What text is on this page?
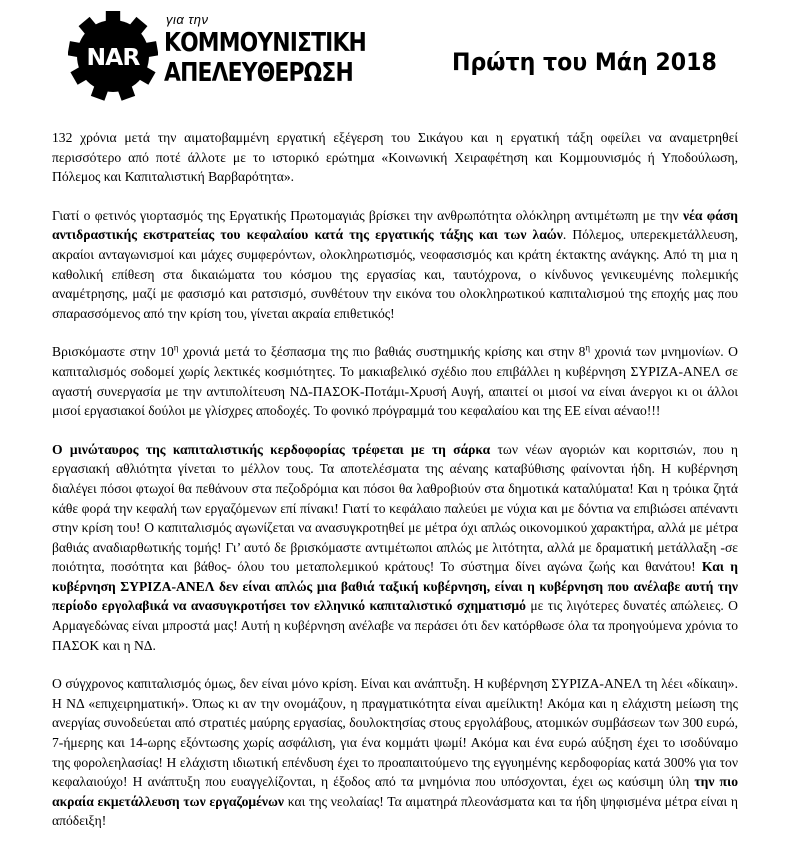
NAR
για την
ΚΟΜΜΟΥΝΙΣΤΙΚΗ
ΑΠΕΛΕΥΘΕΡΩΣΗ	Πρώτη του Μάη 2018

132 χρόνια μετά την αιματοβαμμένη εργατική εξέγερση του Σικάγου και η εργατική τάξη οφείλει να αναμετρηθεί περισσότερο από ποτέ άλλοτε με το ιστορικό ερώτημα «Κοινωνική Χειραφέτηση και Κομμουνισμός ή Υποδούλωση, Πόλεμος και Καπιταλιστική Βαρβαρότητα».

Γιατί ο φετινός γιορτασμός της Εργατικής Πρωτομαγιάς βρίσκει την ανθρωπότητα ολόκληρη αντιμέτωπη με την νέα φάση αντιδραστικής εκστρατείας του κεφαλαίου κατά της εργατικής τάξης και των λαών. Πόλεμος, υπερεκμετάλλευση, ακραίοι ανταγωνισμοί και μάχες συμφερόντων, ολοκληρωτισμός, νεοφασισμός και κράτη έκτακτης ανάγκης. Από τη μια η καθολική επίθεση στα δικαιώματα του κόσμου της εργασίας και, ταυτόχρονα, ο κίνδυνος γενικευμένης πολεμικής αναμέτρησης, μαζί με φασισμό και ρατσισμό, συνθέτουν την εικόνα του ολοκληρωτικού καπιταλισμού της εποχής μας που σπαρασσόμενος από την κρίση του, γίνεται ακραία επιθετικός!

Βρισκόμαστε στην $10^\eta$ χρονιά μετά το ξέσπασμα της πιο βαθιάς συστημικής κρίσης και στην $8^\eta$ χρονιά των μνημονίων. Ο καπιταλισμός σοδομεί χωρίς λεκτικές κοσμιότητες. Το μακιαβελικό σχέδιο που επιβάλλει η κυβέρνηση ΣΥΡΙΖΑ-ΑΝΕΛ σε αγαστή συνεργασία με την αντιπολίτευση ΝΔ-ΠΑΣΟΚ-Ποτάμι-Χρυσή Αυγή, απαιτεί οι μισοί να είναι άνεργοι κι οι άλλοι μισοί εργασιακοί δούλοι με γλίσχρες αποδοχές. Το φονικό πρόγραμμά του κεφαλαίου και της ΕΕ είναι αέναο!!!

Ο μινώταυρος της καπιταλιστικής κερδοφορίας τρέφεται με τη σάρκα των νέων αγοριών και κοριτσιών, που η εργασιακή αθλιότητα γίνεται το μέλλον τους. Τα αποτελέσματα της αέναης καταβύθισης φαίνονται ήδη. Η κυβέρνηση διαλέγει πόσοι φτωχοί θα πεθάνουν στα πεζοδρόμια και πόσοι θα λαθροβιούν στα δημοτικά καταλύματα! Και η τρόικα ζητά κάθε φορά την κεφαλή των εργαζόμενων επί πίνακι! Γιατί το κεφάλαιο παλεύει με νύχια και με δόντια να επιβιώσει απέναντι στην κρίση του! Ο καπιταλισμός αγωνίζεται να ανασυγκροτηθεί με μέτρα όχι απλώς οικονομικού χαρακτήρα, αλλά με μέτρα βαθιάς αναδιαρθωτικής τομής! Γι’ αυτό δε βρισκόμαστε αντιμέτωποι απλώς με λιτότητα, αλλά με δραματική μετάλλαξη -σε ποιότητα, ποσότητα και βάθος- όλου του μεταπολεμικού κράτους! Το σύστημα δίνει αγώνα ζωής και θανάτου! Και η κυβέρνηση ΣΥΡΙΖΑ-ΑΝΕΛ δεν είναι απλώς μια βαθιά ταξική κυβέρνηση, είναι η κυβέρνηση που ανέλαβε αυτή την περίοδο εργολαβικά να ανασυγκροτήσει τον ελληνικό καπιταλιστικό σχηματισμό με τις λιγότερες δυνατές απώλειες. Ο Αρμαγεδώνας είναι μπροστά μας! Αυτή η κυβέρνηση ανέλαβε να περάσει ότι δεν κατόρθωσε όλα τα προηγούμενα χρόνια το ΠΑΣΟΚ και η ΝΔ.

Ο σύγχρονος καπιταλισμός όμως, δεν είναι μόνο κρίση. Είναι και ανάπτυξη. Η κυβέρνηση ΣΥΡΙΖΑ-ΑΝΕΛ τη λέει «δίκαιη». Η ΝΔ «επιχειρηματική». Όπως κι αν την ονομάζουν, η πραγματικότητα είναι αμείλικτη! Ακόμα και η ελάχιστη μείωση της ανεργίας συνοδεύεται από στρατιές μαύρης εργασίας, δουλοκτησίας στους εργολάβους, ατομικών συμβάσεων των 300 ευρώ, 7-ήμερης και 14-ωρης εξόντωσης χωρίς ασφάλιση, για ένα κομμάτι ψωμί! Ακόμα και ένα ευρώ αύξηση έχει το ισοδύναμο της φορολεηλασίας! Η ελάχιστη ιδιωτική επένδυση έχει το προαπαιτούμενο της εγγυημένης κερδοφορίας κατά 300% για τον κεφαλαιούχο! Η ανάπτυξη που ευαγγελίζονται, η έξοδος από τα μνημόνια που υπόσχονται, έχει ως καύσιμη ύλη την πιο ακραία εκμετάλλευση των εργαζομένων και της νεολαίας! Τα αιματηρά πλεονάσματα και τα ήδη ψηφισμένα μέτρα είναι η απόδειξη!
